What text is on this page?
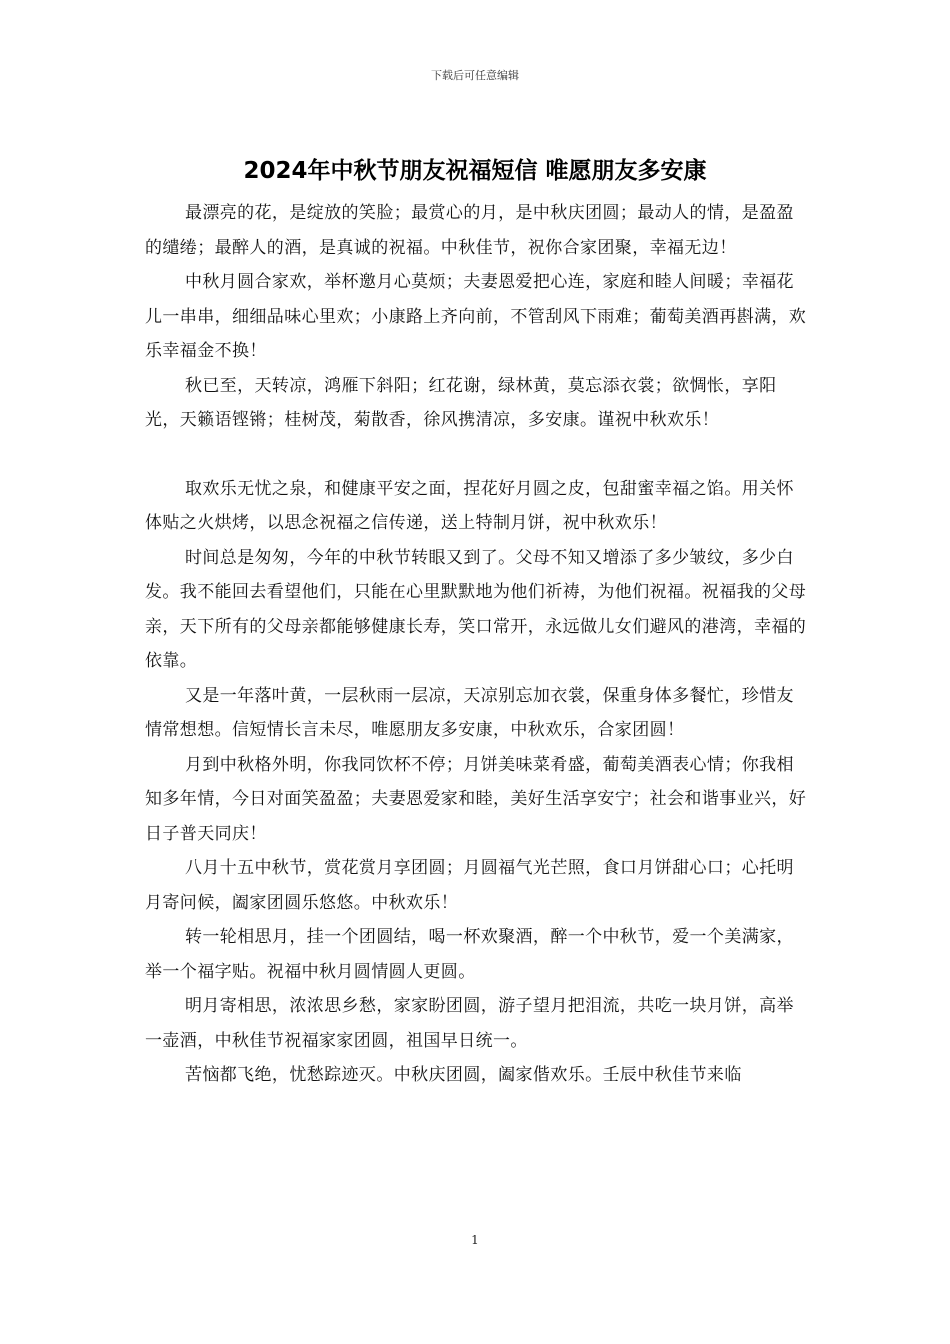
下载后可任意编辑
2024年中秋节朋友祝福短信 唯愿朋友多安康

最漂亮的花，是绽放的笑脸；最赏心的月，是中秋庆团圆；最动人的情，是盈盈的缱绻；最醉人的酒，是真诚的祝福。中秋佳节，祝你合家团聚，幸福无边！

中秋月圆合家欢，举杯邀月心莫烦；夫妻恩爱把心连，家庭和睦人间暖；幸福花儿一串串，细细品味心里欢；小康路上齐向前，不管刮风下雨难；葡萄美酒再斟满，欢乐幸福金不换！

秋已至，天转凉，鸿雁下斜阳；红花谢，绿林黄，莫忘添衣裳；欲惆怅，享阳光，天籁语铿锵；桂树茂，菊散香，徐风携清凉，多安康。谨祝中秋欢乐！

取欢乐无忧之泉，和健康平安之面，捏花好月圆之皮，包甜蜜幸福之馅。用关怀体贴之火烘烤，以思念祝福之信传递，送上特制月饼，祝中秋欢乐！

时间总是匆匆，今年的中秋节转眼又到了。父母不知又增添了多少皱纹，多少白发。我不能回去看望他们，只能在心里默默地为他们祈祷，为他们祝福。祝福我的父母亲，天下所有的父母亲都能够健康长寿，笑口常开，永远做儿女们避风的港湾，幸福的依靠。

又是一年落叶黄，一层秋雨一层凉，天凉别忘加衣裳，保重身体多餐忙，珍惜友情常想想。信短情长言未尽，唯愿朋友多安康，中秋欢乐，合家团圆！

月到中秋格外明，你我同饮杯不停；月饼美味菜肴盛，葡萄美酒表心情；你我相知多年情，今日对面笑盈盈；夫妻恩爱家和睦，美好生活享安宁；社会和谐事业兴，好日子普天同庆！

八月十五中秋节，赏花赏月享团圆；月圆福气光芒照，食口月饼甜心口；心托明月寄问候，阖家团圆乐悠悠。中秋欢乐！

转一轮相思月，挂一个团圆结，喝一杯欢聚酒，醉一个中秋节，爱一个美满家，举一个福字贴。祝福中秋月圆情圆人更圆。

明月寄相思，浓浓思乡愁，家家盼团圆，游子望月把泪流，共吃一块月饼，高举一壶酒，中秋佳节祝福家家团圆，祖国早日统一。

苦恼都飞绝，忧愁踪迹灭。中秋庆团圆，阖家偕欢乐。壬辰中秋佳节来临

1
